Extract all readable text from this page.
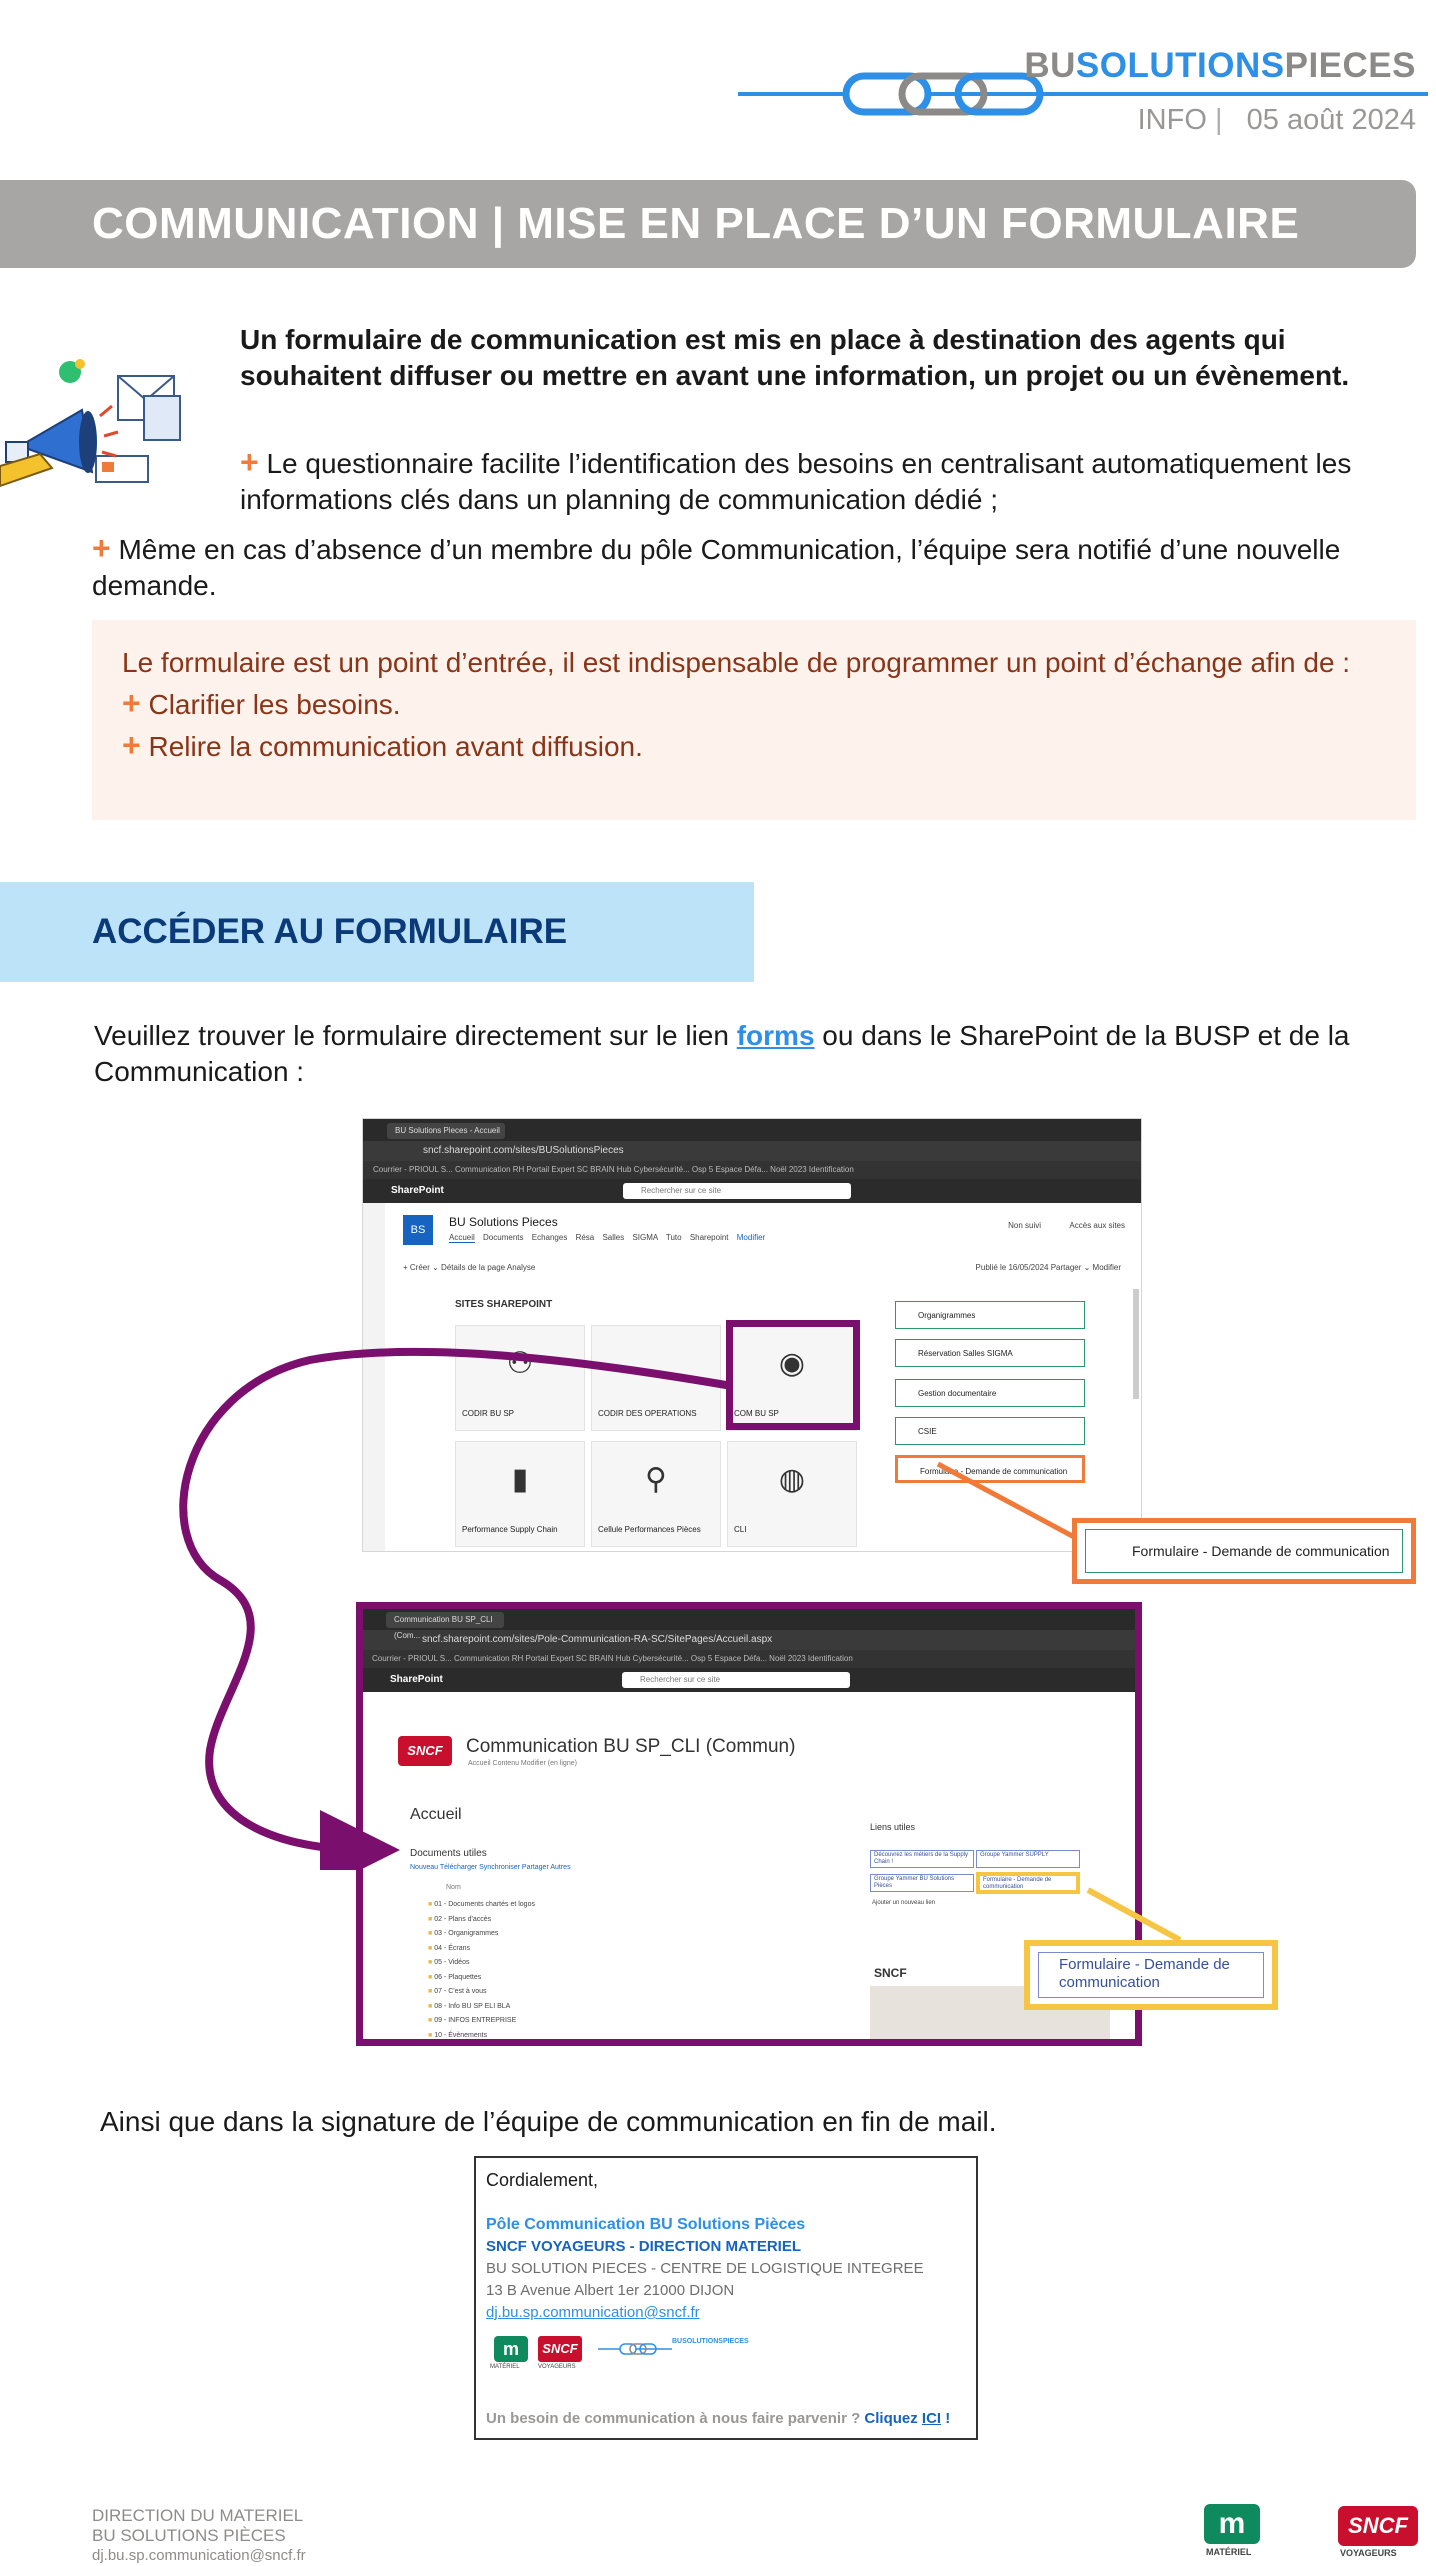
BUSOLUTIONSPIECES
INFO | 05 août 2024
COMMUNICATION | MISE EN PLACE D’UN FORMULAIRE
Un formulaire de communication est mis en place à destination des agents qui souhaitent diffuser ou mettre en avant une information, un projet ou un évènement.
+ Le questionnaire facilite l’identification des besoins en centralisant automatiquement les informations clés dans un planning de communication dédié ;
+ Même en cas d’absence d’un membre du pôle Communication, l’équipe sera notifié d’une nouvelle demande.
Le formulaire est un point d’entrée, il est indispensable de programmer un point d’échange afin de :
+ Clarifier les besoins.
+ Relire la communication avant diffusion.
ACCÉDER AU FORMULAIRE
Veuillez trouver le formulaire directement sur le lien forms ou dans le SharePoint de la BUSP et de la Communication :
BU Solutions Pieces - Accueil
sncf.sharepoint.com/sites/BUSolutionsPieces
Courrier - PRIOUL S... Communication RH Portail Expert SC BRAIN Hub Cybersécurité... Osp 5 Espace Défa... Noël 2023 Identification
SharePoint	Rechercher sur ce site
BS
BU Solutions Pieces
Accueil Documents Echanges Résa Salles SIGMA Tuto Sharepoint Modifier
Non suivi	Accès aux sites
+ Créer ⌄ Détails de la page Analyse	Publié le 16/05/2024 Partager ⌄ Modifier
SITES SHAREPOINT
⚇
CODIR BU SP	CODIR DES OPERATIONS
◉
COM BU SP
▮
Performance Supply Chain
⚲
Cellule Performances Pièces
◍
CLI
Organigrammes
Réservation Salles SIGMA
Gestion documentaire
CSIE
Formulaire - Demande de communication
Formulaire - Demande de communication
Communication BU SP_CLI (Com... sncf.sharepoint.com/sites/Pole-Communication-RA-SC/SitePages/Accueil.aspx
Courrier - PRIOUL S... Communication RH Portail Expert SC BRAIN Hub Cybersécurité... Osp 5 Espace Défa... Noël 2023 Identification
SharePoint	Rechercher sur ce site
SNCF	Communication BU SP_CLI (Commun)
Accueil Contenu Modifier (en ligne)
Accueil
Documents utiles
Nouveau Télécharger Synchroniser Partager Autres
Nom
■ 01 - Documents chartés et logos
■ 02 - Plans d'accès
■ 03 - Organigrammes
■ 04 - Écrans
■ 05 - Vidéos
■ 06 - Plaquettes
■ 07 - C'est à vous
■ 08 - Info BU SP ELI BLA
■ 09 - INFOS ENTREPRISE
■ 10 - Évènements
Liens utiles
Découvrez les métiers de la Supply Chain !
Groupe Yammer SUPPLY
Groupe Yammer BU Solutions Pièces
Formulaire - Demande de communication
Ajouter un nouveau lien
SNCF	Formulaire - Demande de communication
Ainsi que dans la signature de l’équipe de communication en fin de mail.
Cordialement,
Pôle Communication BU Solutions Pièces
SNCF VOYAGEURS - DIRECTION MATERIEL
BU SOLUTION PIECES - CENTRE DE LOGISTIQUE INTEGREE
13 B Avenue Albert 1er 21000 DIJON
dj.bu.sp.communication@sncf.fr
m
MATÉRIEL
SNCF
VOYAGEURS
BUSOLUTIONSPIECES
Un besoin de communication à nous faire parvenir ? Cliquez ICI !
DIRECTION DU MATERIEL
BU SOLUTIONS PIÈCES
dj.bu.sp.communication@sncf.fr
m
MATÉRIEL
SNCF
VOYAGEURS
